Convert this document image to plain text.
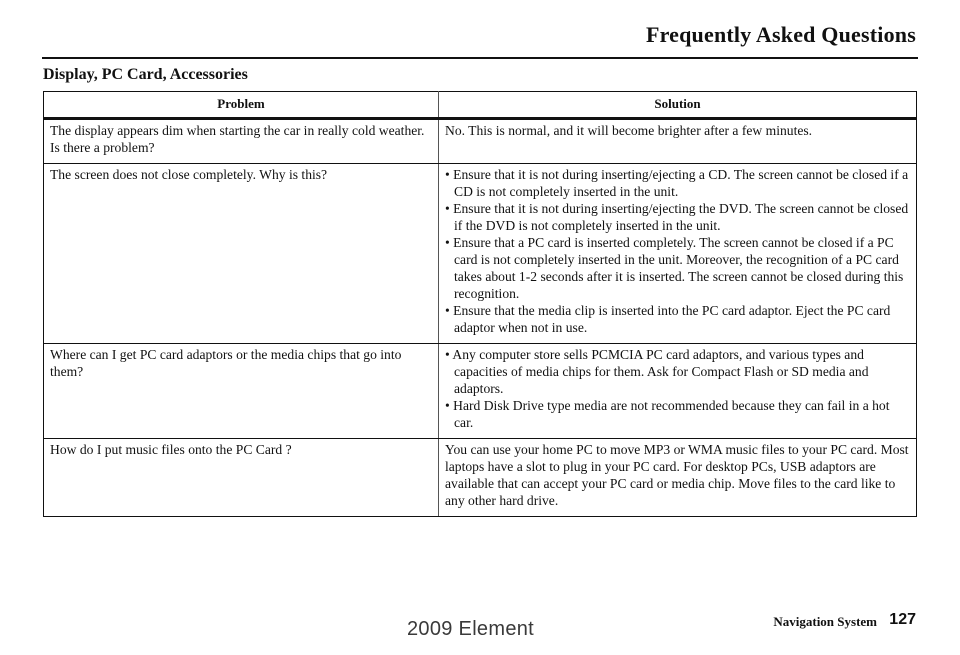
Frequently Asked Questions
Display, PC Card, Accessories
Problem	Solution
The display appears dim when starting the car in really cold weather. Is there a problem?	No. This is normal, and it will become brighter after a few minutes.

The screen does not close completely. Why is this?	• Ensure that it is not during inserting/ejecting a CD. The screen cannot be closed if a CD is not completely inserted in the unit.

• Ensure that it is not during inserting/ejecting the DVD. The screen cannot be closed if the DVD is not completely inserted in the unit.

• Ensure that a PC card is inserted completely. The screen cannot be closed if a PC card is not completely inserted in the unit. Moreover, the recognition of a PC card takes about 1-2 seconds after it is inserted. The screen cannot be closed during this recognition.

• Ensure that the media clip is inserted into the PC card adaptor. Eject the PC card adaptor when not in use.

Where can I get PC card adaptors or the media chips that go into them?	• Any computer store sells PCMCIA PC card adaptors, and various types and capacities of media chips for them. Ask for Compact Flash or SD media and adaptors.

• Hard Disk Drive type media are not recommended because they can fail in a hot car.

How do I put music files onto the PC Card ?	You can use your home PC to move MP3 or WMA music files to your PC card. Most laptops have a slot to plug in your PC card. For desktop PCs, USB adaptors are available that can accept your PC card or media chip. Move files to the card like to any other hard drive.

2009 Element	Navigation System 127
